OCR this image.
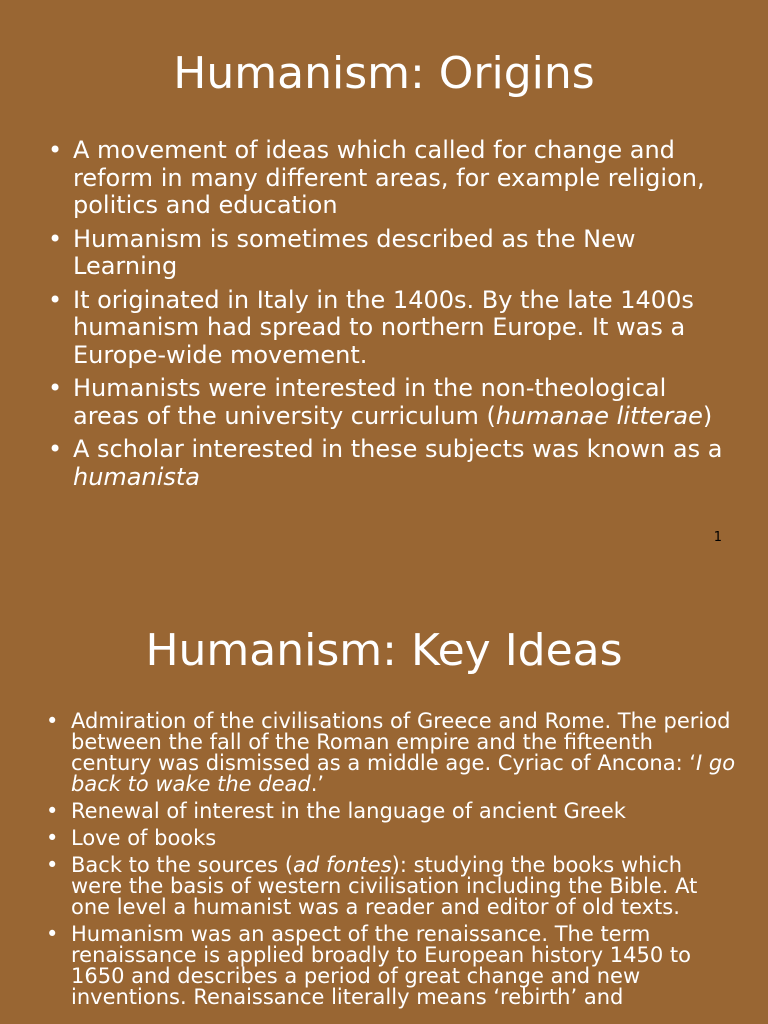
Humanism: Origins
• A movement of ideas which called for change and reform in many different areas, for example religion, politics and education
• Humanism is sometimes described as the New Learning
• It originated in Italy in the 1400s. By the late 1400s humanism had spread to northern Europe. It was a Europe-wide movement.
• Humanists were interested in the non-theological areas of the university curriculum (humanae litterae)
• A scholar interested in these subjects was known as a humanista
1
Humanism: Key Ideas
• Admiration of the civilisations of Greece and Rome. The period between the fall of the Roman empire and the fifteenth century was dismissed as a middle age. Cyriac of Ancona: ‘I go back to wake the dead.’
• Renewal of interest in the language of ancient Greek
• Love of books
• Back to the sources (ad fontes): studying the books which were the basis of western civilisation including the Bible. At one level a humanist was a reader and editor of old texts.
• Humanism was an aspect of the renaissance. The term renaissance is applied broadly to European history 1450 to 1650 and describes a period of great change and new inventions. Renaissance literally means ‘rebirth’ and
